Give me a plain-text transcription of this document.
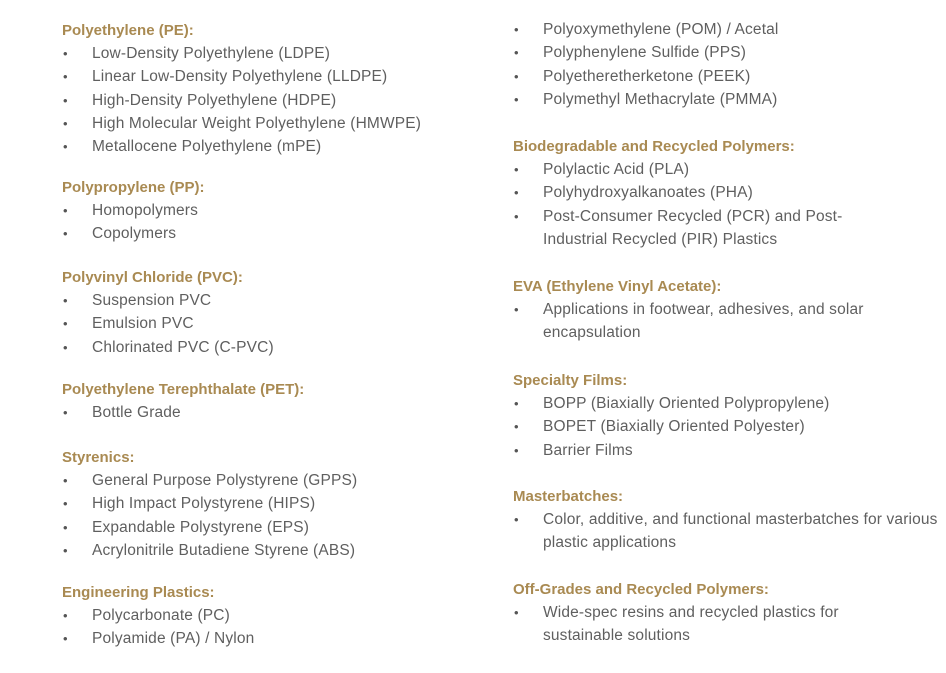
Polyethylene (PE):
• Low-Density Polyethylene (LDPE)
• Linear Low-Density Polyethylene (LLDPE)
• High-Density Polyethylene (HDPE)
• High Molecular Weight Polyethylene (HMWPE)
• Metallocene Polyethylene (mPE)
Polypropylene (PP):
• Homopolymers
• Copolymers
Polyvinyl Chloride (PVC):
• Suspension PVC
• Emulsion PVC
• Chlorinated PVC (C-PVC)
Polyethylene Terephthalate (PET):
• Bottle Grade
Styrenics:
• General Purpose Polystyrene (GPPS)
• High Impact Polystyrene (HIPS)
• Expandable Polystyrene (EPS)
• Acrylonitrile Butadiene Styrene (ABS)
Engineering Plastics:
• Polycarbonate (PC)
• Polyamide (PA) / Nylon
• Polyoxymethylene (POM) / Acetal
• Polyphenylene Sulfide (PPS)
• Polyetheretherketone (PEEK)
• Polymethyl Methacrylate (PMMA)
Biodegradable and Recycled Polymers:
• Polylactic Acid (PLA)
• Polyhydroxyalkanoates (PHA)
• Post-Consumer Recycled (PCR) and Post-Industrial Recycled (PIR) Plastics
EVA (Ethylene Vinyl Acetate):
• Applications in footwear, adhesives, and solar encapsulation
Specialty Films:
• BOPP (Biaxially Oriented Polypropylene)
• BOPET (Biaxially Oriented Polyester)
• Barrier Films
Masterbatches:
• Color, additive, and functional masterbatches for various plastic applications
Off-Grades and Recycled Polymers:
• Wide-spec resins and recycled plastics for sustainable solutions
